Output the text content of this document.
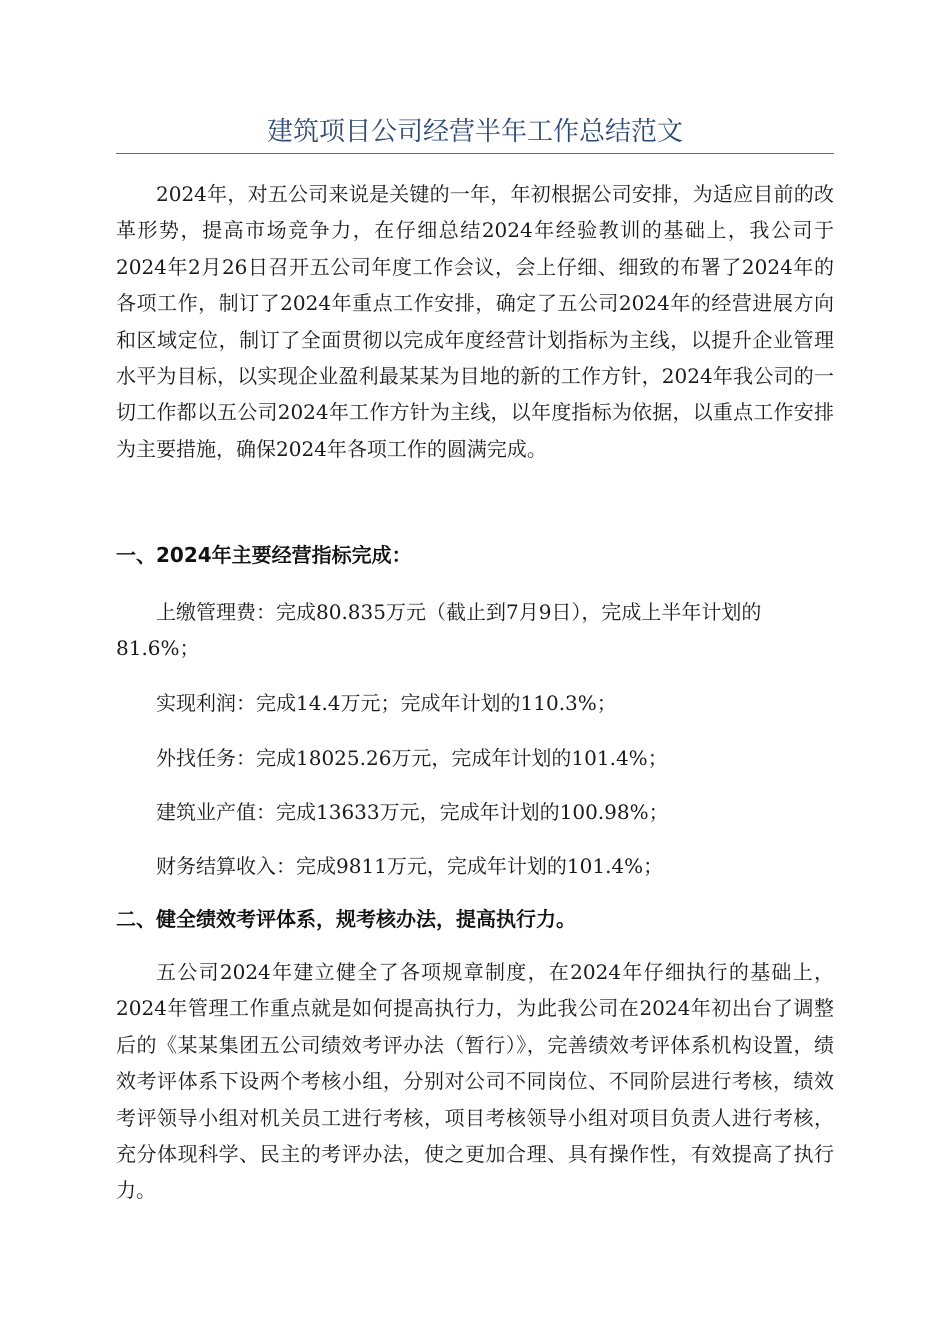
建筑项目公司经营半年工作总结范文

2024年，对五公司来说是关键的一年，年初根据公司安排，为适应目前的改革形势，提高市场竞争力，在仔细总结2024年经验教训的基础上，我公司于2024年2月26日召开五公司年度工作会议，会上仔细、细致的布署了2024年的各项工作，制订了2024年重点工作安排，确定了五公司2024年的经营进展方向和区域定位，制订了全面贯彻以完成年度经营计划指标为主线，以提升企业管理水平为目标，以实现企业盈利最某某为目地的新的工作方针，2024年我公司的一切工作都以五公司2024年工作方针为主线，以年度指标为依据，以重点工作安排为主要措施，确保2024年各项工作的圆满完成。

一、2024年主要经营指标完成：

上缴管理费：完成80.835万元（截止到7月9日），完成上半年计划的81.6%；

实现利润：完成14.4万元；完成年计划的110.3%；

外找任务：完成18025.26万元，完成年计划的101.4%；

建筑业产值：完成13633万元，完成年计划的100.98%；

财务结算收入：完成9811万元，完成年计划的101.4%；

二、健全绩效考评体系，规考核办法，提高执行力。

五公司2024年建立健全了各项规章制度，在2024年仔细执行的基础上，2024年管理工作重点就是如何提高执行力，为此我公司在2024年初出台了调整后的《某某集团五公司绩效考评办法（暂行）》，完善绩效考评体系机构设置，绩效考评体系下设两个考核小组，分别对公司不同岗位、不同阶层进行考核，绩效考评领导小组对机关员工进行考核，项目考核领导小组对项目负责人进行考核，充分体现科学、民主的考评办法，使之更加合理、具有操作性，有效提高了执行力。
